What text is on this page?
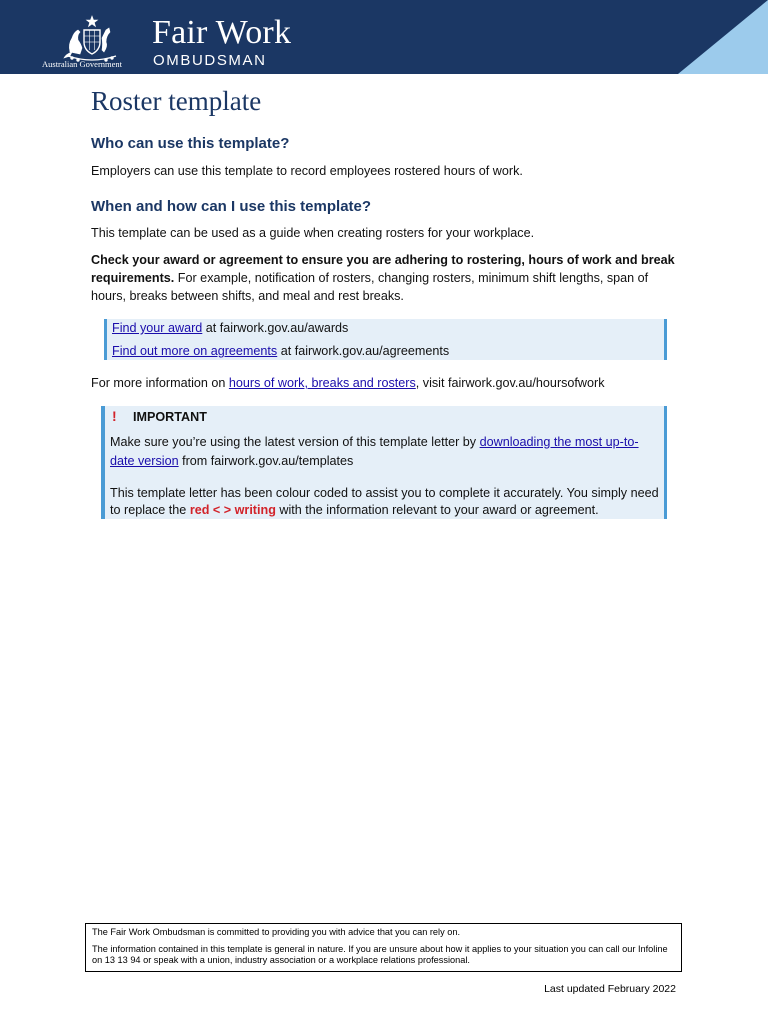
Australian Government
Fair Work
OMBUDSMAN
Roster template
Who can use this template?
Employers can use this template to record employees rostered hours of work.
When and how can I use this template?
This template can be used as a guide when creating rosters for your workplace.
Check your award or agreement to ensure you are adhering to rostering, hours of work and break requirements. For example, notification of rosters, changing rosters, minimum shift lengths, span of hours, breaks between shifts, and meal and rest breaks.
Find your award at fairwork.gov.au/awards
Find out more on agreements at fairwork.gov.au/agreements
For more information on hours of work, breaks and rosters, visit fairwork.gov.au/hoursofwork
! IMPORTANT
Make sure you’re using the latest version of this template letter by downloading the most up-to-date version from fairwork.gov.au/templates
This template letter has been colour coded to assist you to complete it accurately. You simply need to replace the red < > writing with the information relevant to your award or agreement.
The Fair Work Ombudsman is committed to providing you with advice that you can rely on.
The information contained in this template is general in nature. If you are unsure about how it applies to your situation you can call our Infoline on 13 13 94 or speak with a union, industry association or a workplace relations professional.
Last updated February 2022
